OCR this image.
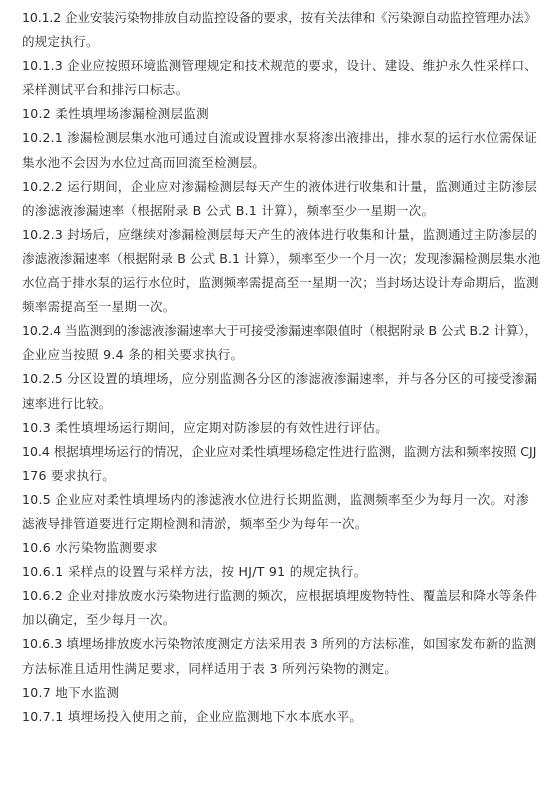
10.1.2 企业安装污染物排放自动监控设备的要求，按有关法律和《污染源自动监控管理办法》
的规定执行。
10.1.3 企业应按照环境监测管理规定和技术规范的要求，设计、建设、维护永久性采样口、
采样测试平台和排污口标志。
10.2 柔性填埋场渗漏检测层监测
10.2.1 渗漏检测层集水池可通过自流或设置排水泵将渗出液排出，排水泵的运行水位需保证
集水池不会因为水位过高而回流至检测层。
10.2.2 运行期间，企业应对渗漏检测层每天产生的液体进行收集和计量，监测通过主防渗层
的渗滤液渗漏速率（根据附录 B 公式 B.1 计算），频率至少一星期一次。
10.2.3 封场后，应继续对渗漏检测层每天产生的液体进行收集和计量，监测通过主防渗层的
渗滤液渗漏速率（根据附录 B 公式 B.1 计算），频率至少一个月一次；发现渗漏检测层集水池
水位高于排水泵的运行水位时，监测频率需提高至一星期一次；当封场达设计寿命期后，监测
频率需提高至一星期一次。
10.2.4 当监测到的渗滤液渗漏速率大于可接受渗漏速率限值时（根据附录 B 公式 B.2 计算），
企业应当按照 9.4 条的相关要求执行。
10.2.5 分区设置的填埋场，应分别监测各分区的渗滤液渗漏速率，并与各分区的可接受渗漏
速率进行比较。
10.3 柔性填埋场运行期间，应定期对防渗层的有效性进行评估。
10.4 根据填埋场运行的情况，企业应对柔性填埋场稳定性进行监测，监测方法和频率按照 CJJ
176 要求执行。
10.5 企业应对柔性填埋场内的渗滤液水位进行长期监测，监测频率至少为每月一次。对渗
滤液导排管道要进行定期检测和清淤，频率至少为每年一次。
10.6 水污染物监测要求
10.6.1 采样点的设置与采样方法，按 HJ/T 91 的规定执行。
10.6.2 企业对排放废水污染物进行监测的频次，应根据填埋废物特性、覆盖层和降水等条件
加以确定，至少每月一次。
10.6.3 填埋场排放废水污染物浓度测定方法采用表 3 所列的方法标准，如国家发布新的监测
方法标准且适用性满足要求，同样适用于表 3 所列污染物的测定。
10.7 地下水监测
10.7.1 填埋场投入使用之前，企业应监测地下水本底水平。
